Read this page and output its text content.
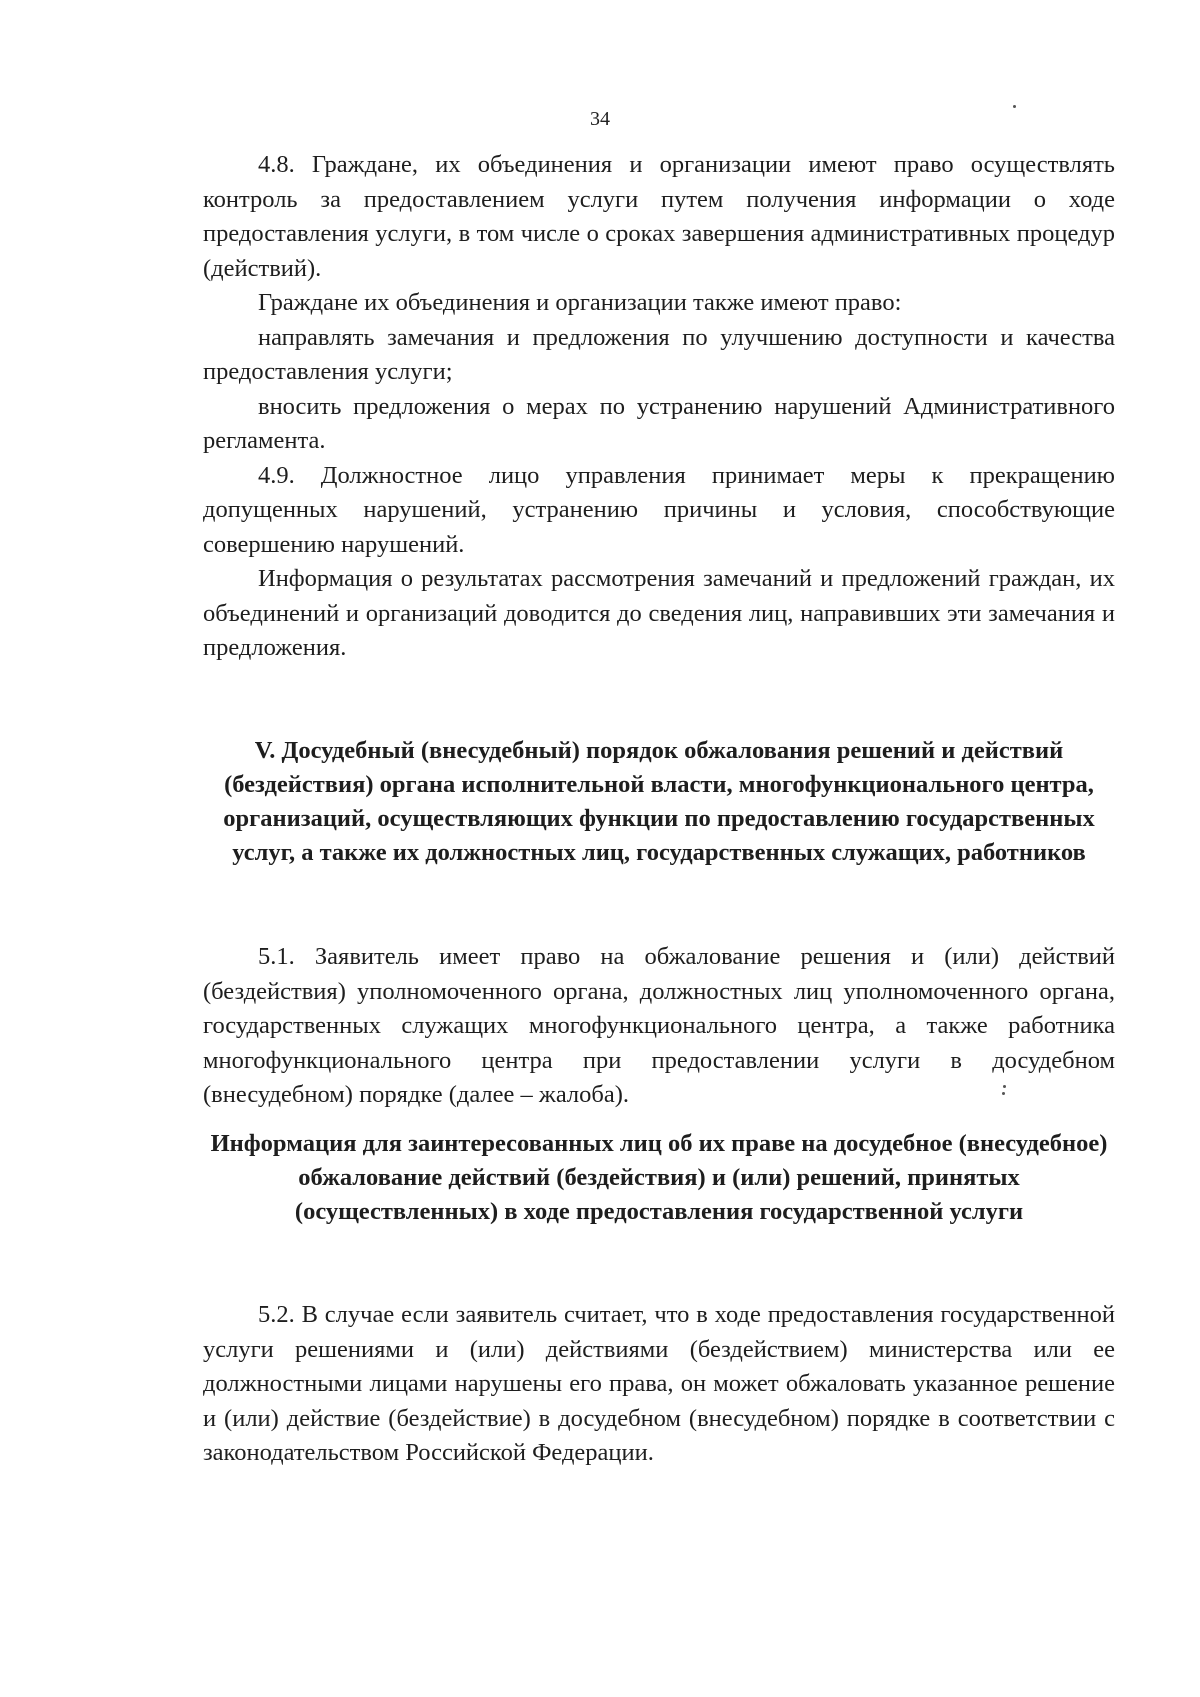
34

4.8. Граждане, их объединения и организации имеют право осуществлять контроль за предоставлением услуги путем получения информации о ходе предоставления услуги, в том числе о сроках завершения административных процедур (действий).

Граждане их объединения и организации также имеют право:

направлять замечания и предложения по улучшению доступности и качества предоставления услуги;

вносить предложения о мерах по устранению нарушений Административного регламента.

4.9. Должностное лицо управления принимает меры к прекращению допущенных нарушений, устранению причины и условия, способствующие совершению нарушений.

Информация о результатах рассмотрения замечаний и предложений граждан, их объединений и организаций доводится до сведения лиц, направивших эти замечания и предложения.

V. Досудебный (внесудебный) порядок обжалования решений и действий (бездействия) органа исполнительной власти, многофункционального центра, организаций, осуществляющих функции по предоставлению государственных услуг, а также их должностных лиц, государственных служащих, работников

5.1. Заявитель имеет право на обжалование решения и (или) действий (бездействия) уполномоченного органа, должностных лиц уполномоченного органа, государственных служащих многофункционального центра, а также работника многофункционального центра при предоставлении услуги в досудебном (внесудебном) порядке (далее – жалоба).

Информация для заинтересованных лиц об их праве на досудебное (внесудебное) обжалование действий (бездействия) и (или) решений, принятых (осуществленных) в ходе предоставления государственной услуги

5.2. В случае если заявитель считает, что в ходе предоставления государственной услуги решениями и (или) действиями (бездействием) министерства или ее должностными лицами нарушены его права, он может обжаловать указанное решение и (или) действие (бездействие) в досудебном (внесудебном) порядке в соответствии с законодательством Российской Федерации.
